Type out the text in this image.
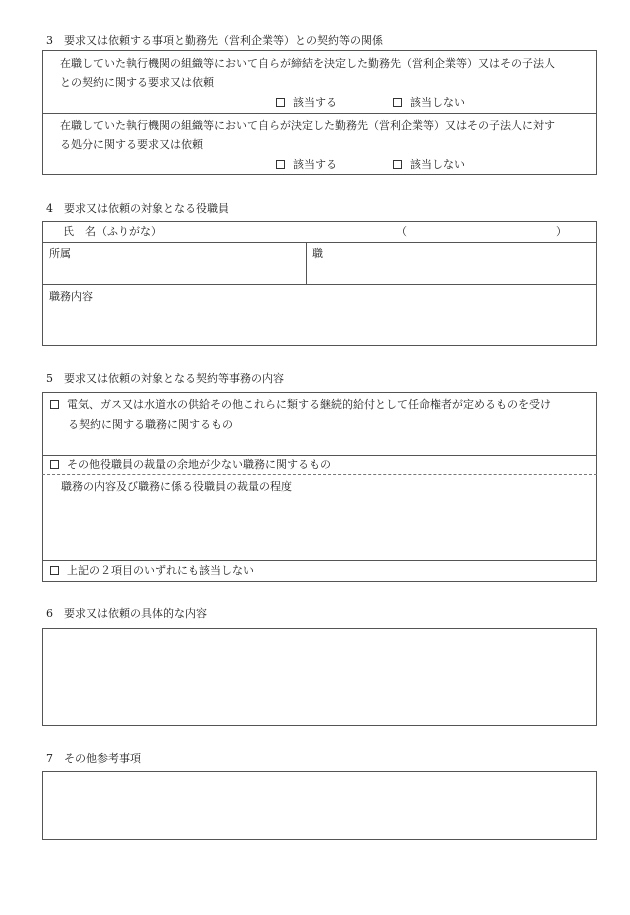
3　要求又は依頼する事項と勤務先（営利企業等）との契約等の関係
在職していた執行機関の組織等において自らが締結を決定した勤務先（営利企業等）又はその子法人
との契約に関する要求又は依頼
該当する	該当しない
在職していた執行機関の組織等において自らが決定した勤務先（営利企業等）又はその子法人に対す
る処分に関する要求又は依頼
該当する	該当しない
4　要求又は依頼の対象となる役職員
氏　名（ふりがな）	（	）
所属	職
職務内容
5　要求又は依頼の対象となる契約等事務の内容
電気、ガス又は水道水の供給その他これらに類する継続的給付として任命権者が定めるものを受け
る契約に関する職務に関するもの
その他役職員の裁量の余地が少ない職務に関するもの
職務の内容及び職務に係る役職員の裁量の程度
上記の２項目のいずれにも該当しない
6　要求又は依頼の具体的な内容
7　その他参考事項
